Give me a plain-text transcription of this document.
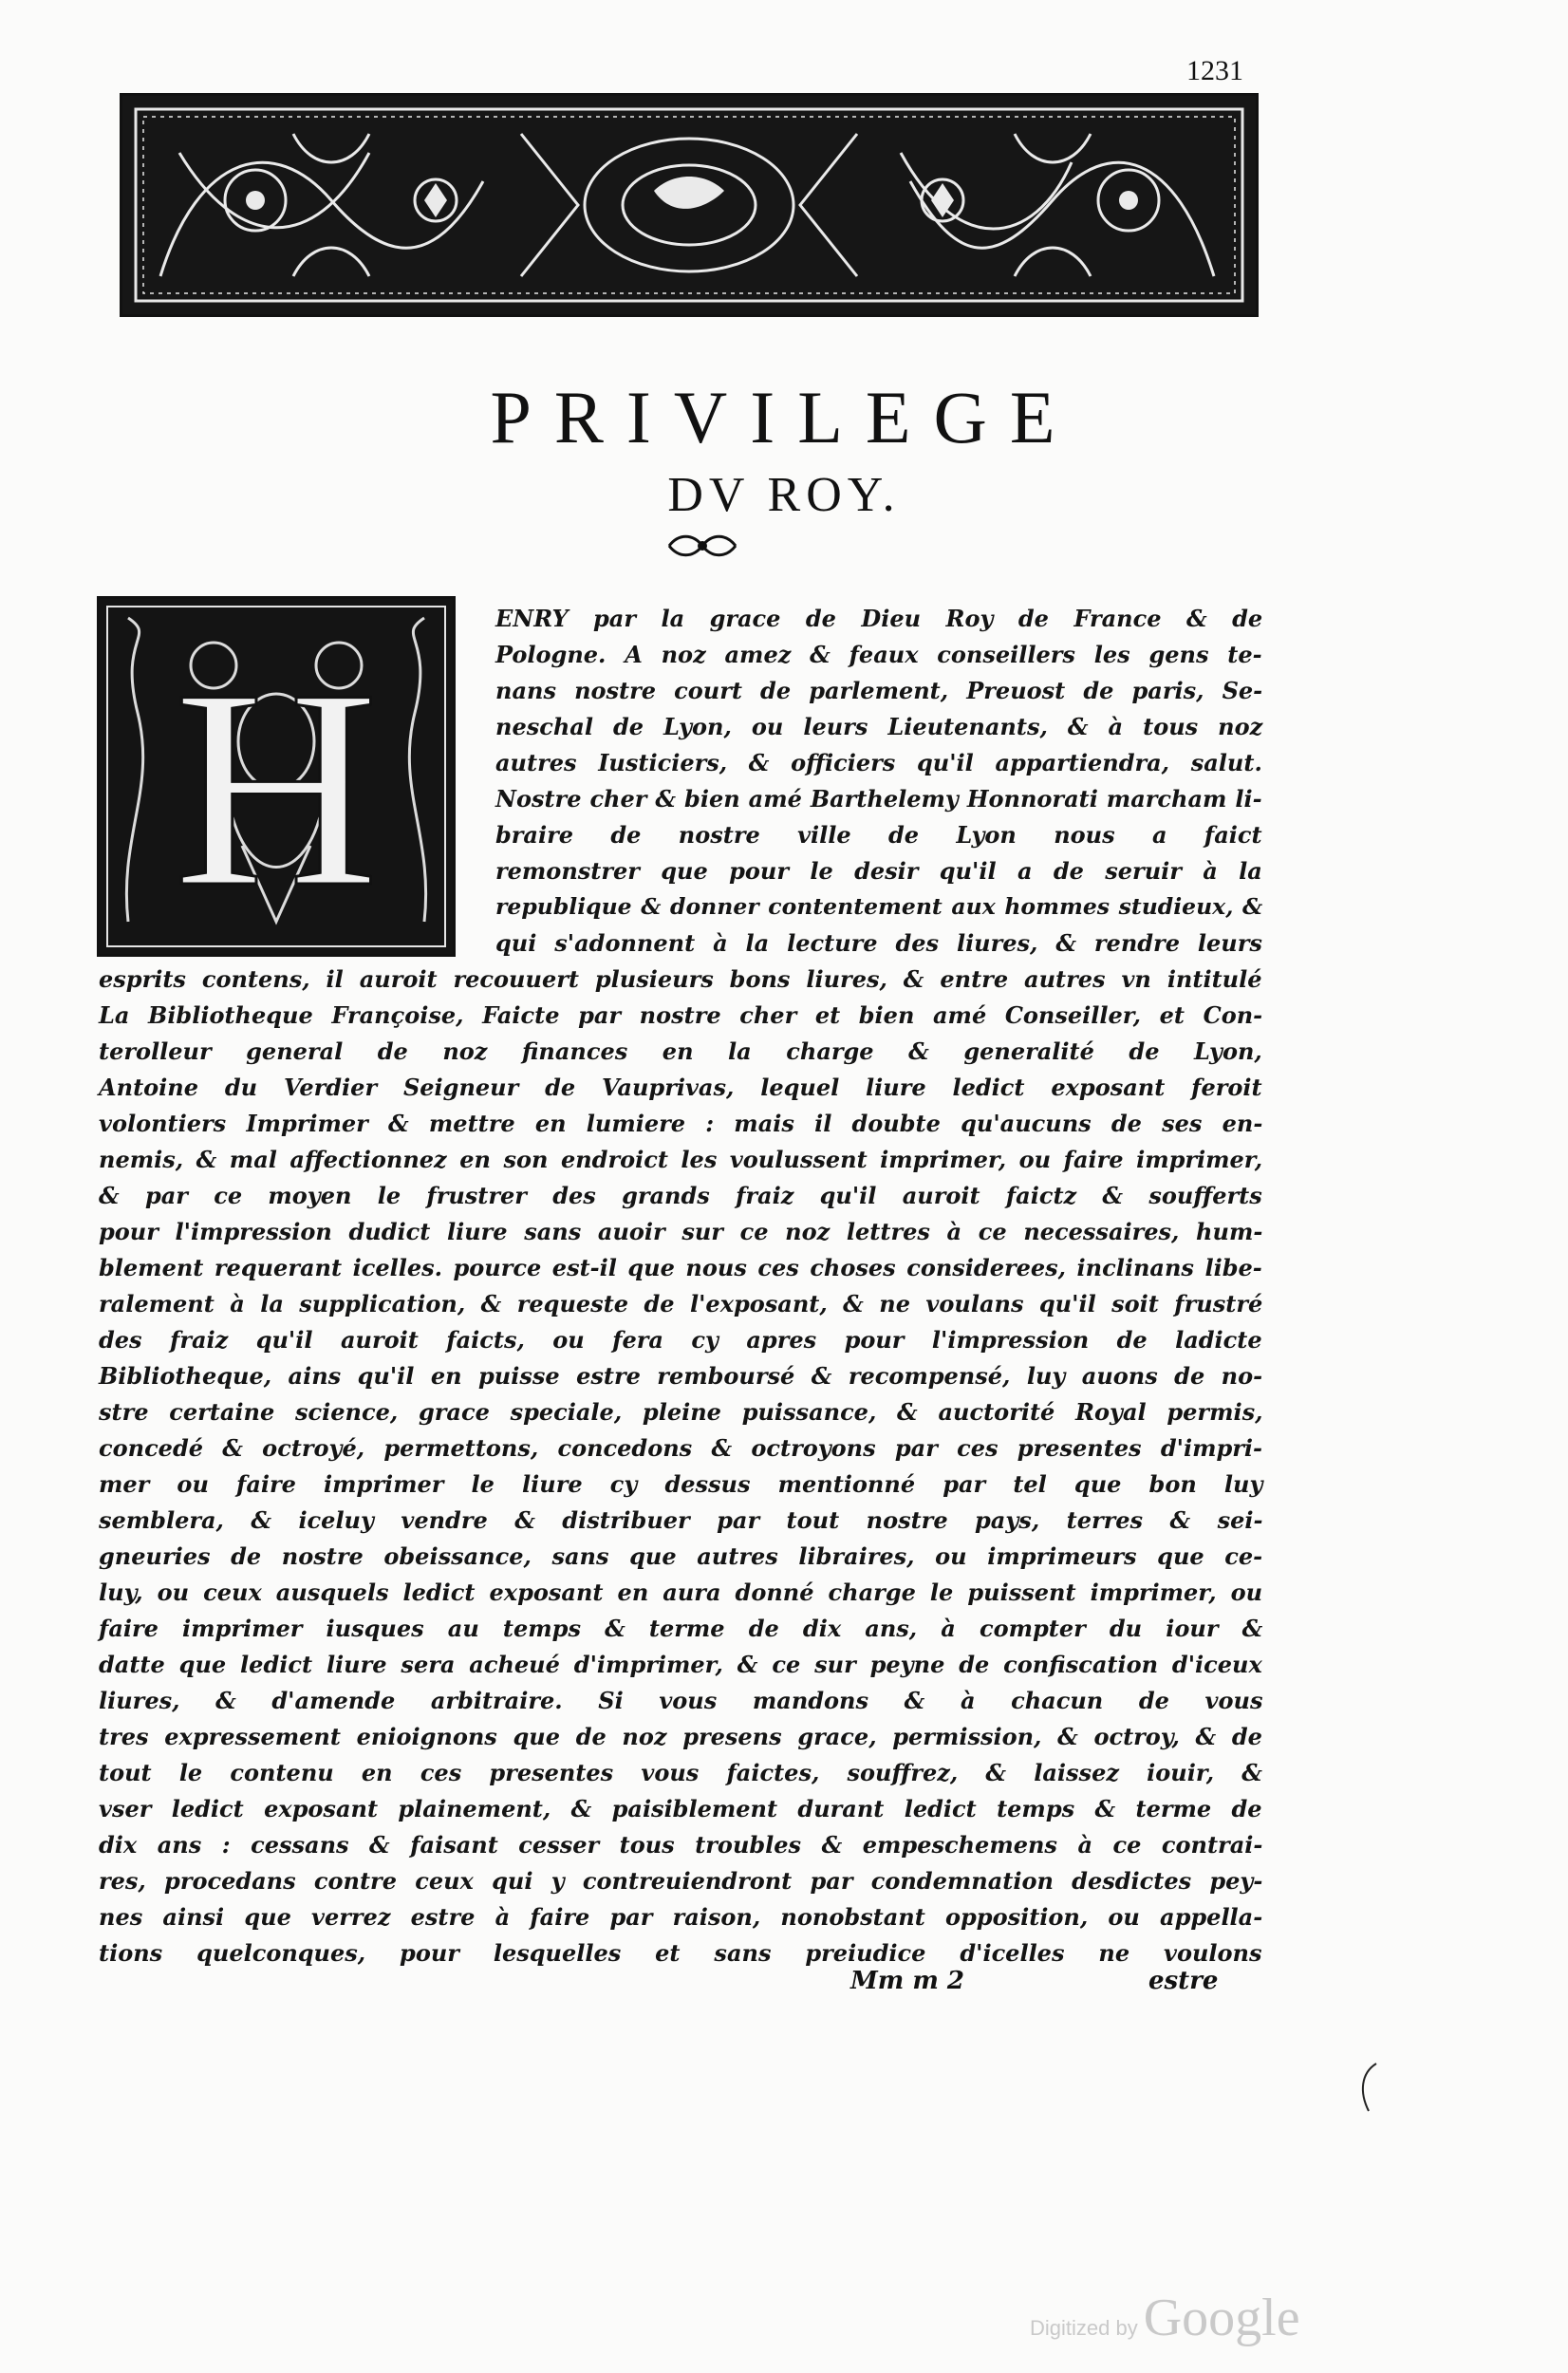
1231
PRIVILEGE
DV ROY.
H
ENRY par la grace de Dieu Roy de France & de
Pologne. A noz amez & feaux conseillers les gens te-
nans nostre court de parlement, Preuost de paris, Se-
neschal de Lyon, ou leurs Lieutenants, & à tous noz
autres Iusticiers, & officiers qu'il appartiendra, salut.
Nostre cher & bien amé Barthelemy Honnorati marcham li-
braire de nostre ville de Lyon nous a faict
remonstrer que pour le desir qu'il a de seruir à la
republique & donner contentement aux hommes studieux, &
qui s'adonnent à la lecture des liures, & rendre leurs
esprits contens, il auroit recouuert plusieurs bons liures, & entre autres vn intitulé
La Bibliotheque Françoise, Faicte par nostre cher et bien amé Conseiller, et Con-
terolleur general de noz finances en la charge & generalité de Lyon,
Antoine du Verdier Seigneur de Vauprivas, lequel liure ledict exposant feroit
volontiers Imprimer & mettre en lumiere : mais il doubte qu'aucuns de ses en-
nemis, & mal affectionnez en son endroict les voulussent imprimer, ou faire imprimer,
& par ce moyen le frustrer des grands fraiz qu'il auroit faictz & soufferts
pour l'impression dudict liure sans auoir sur ce noz lettres à ce necessaires, hum-
blement requerant icelles. pource est-il que nous ces choses considerees, inclinans libe-
ralement à la supplication, & requeste de l'exposant, & ne voulans qu'il soit frustré
des fraiz qu'il auroit faicts, ou fera cy apres pour l'impression de ladicte
Bibliotheque, ains qu'il en puisse estre remboursé & recompensé, luy auons de no-
stre certaine science, grace speciale, pleine puissance, & auctorité Royal permis,
concedé & octroyé, permettons, concedons & octroyons par ces presentes d'impri-
mer ou faire imprimer le liure cy dessus mentionné par tel que bon luy
semblera, & iceluy vendre & distribuer par tout nostre pays, terres & sei-
gneuries de nostre obeissance, sans que autres libraires, ou imprimeurs que ce-
luy, ou ceux ausquels ledict exposant en aura donné charge le puissent imprimer, ou
faire imprimer iusques au temps & terme de dix ans, à compter du iour &
datte que ledict liure sera acheué d'imprimer, & ce sur peyne de confiscation d'iceux
liures, & d'amende arbitraire. Si vous mandons & à chacun de vous
tres expressement enioignons que de noz presens grace, permission, & octroy, & de
tout le contenu en ces presentes vous faictes, souffrez, & laissez iouir, &
vser ledict exposant plainement, & paisiblement durant ledict temps & terme de
dix ans : cessans & faisant cesser tous troubles & empeschemens à ce contrai-
res, procedans contre ceux qui y contreuiendront par condemnation desdictes pey-
nes ainsi que verrez estre à faire par raison, nonobstant opposition, ou appella-
tions quelconques, pour lesquelles et sans preiudice d'icelles ne voulons
Mm m 2	estre
Digitized by Google
